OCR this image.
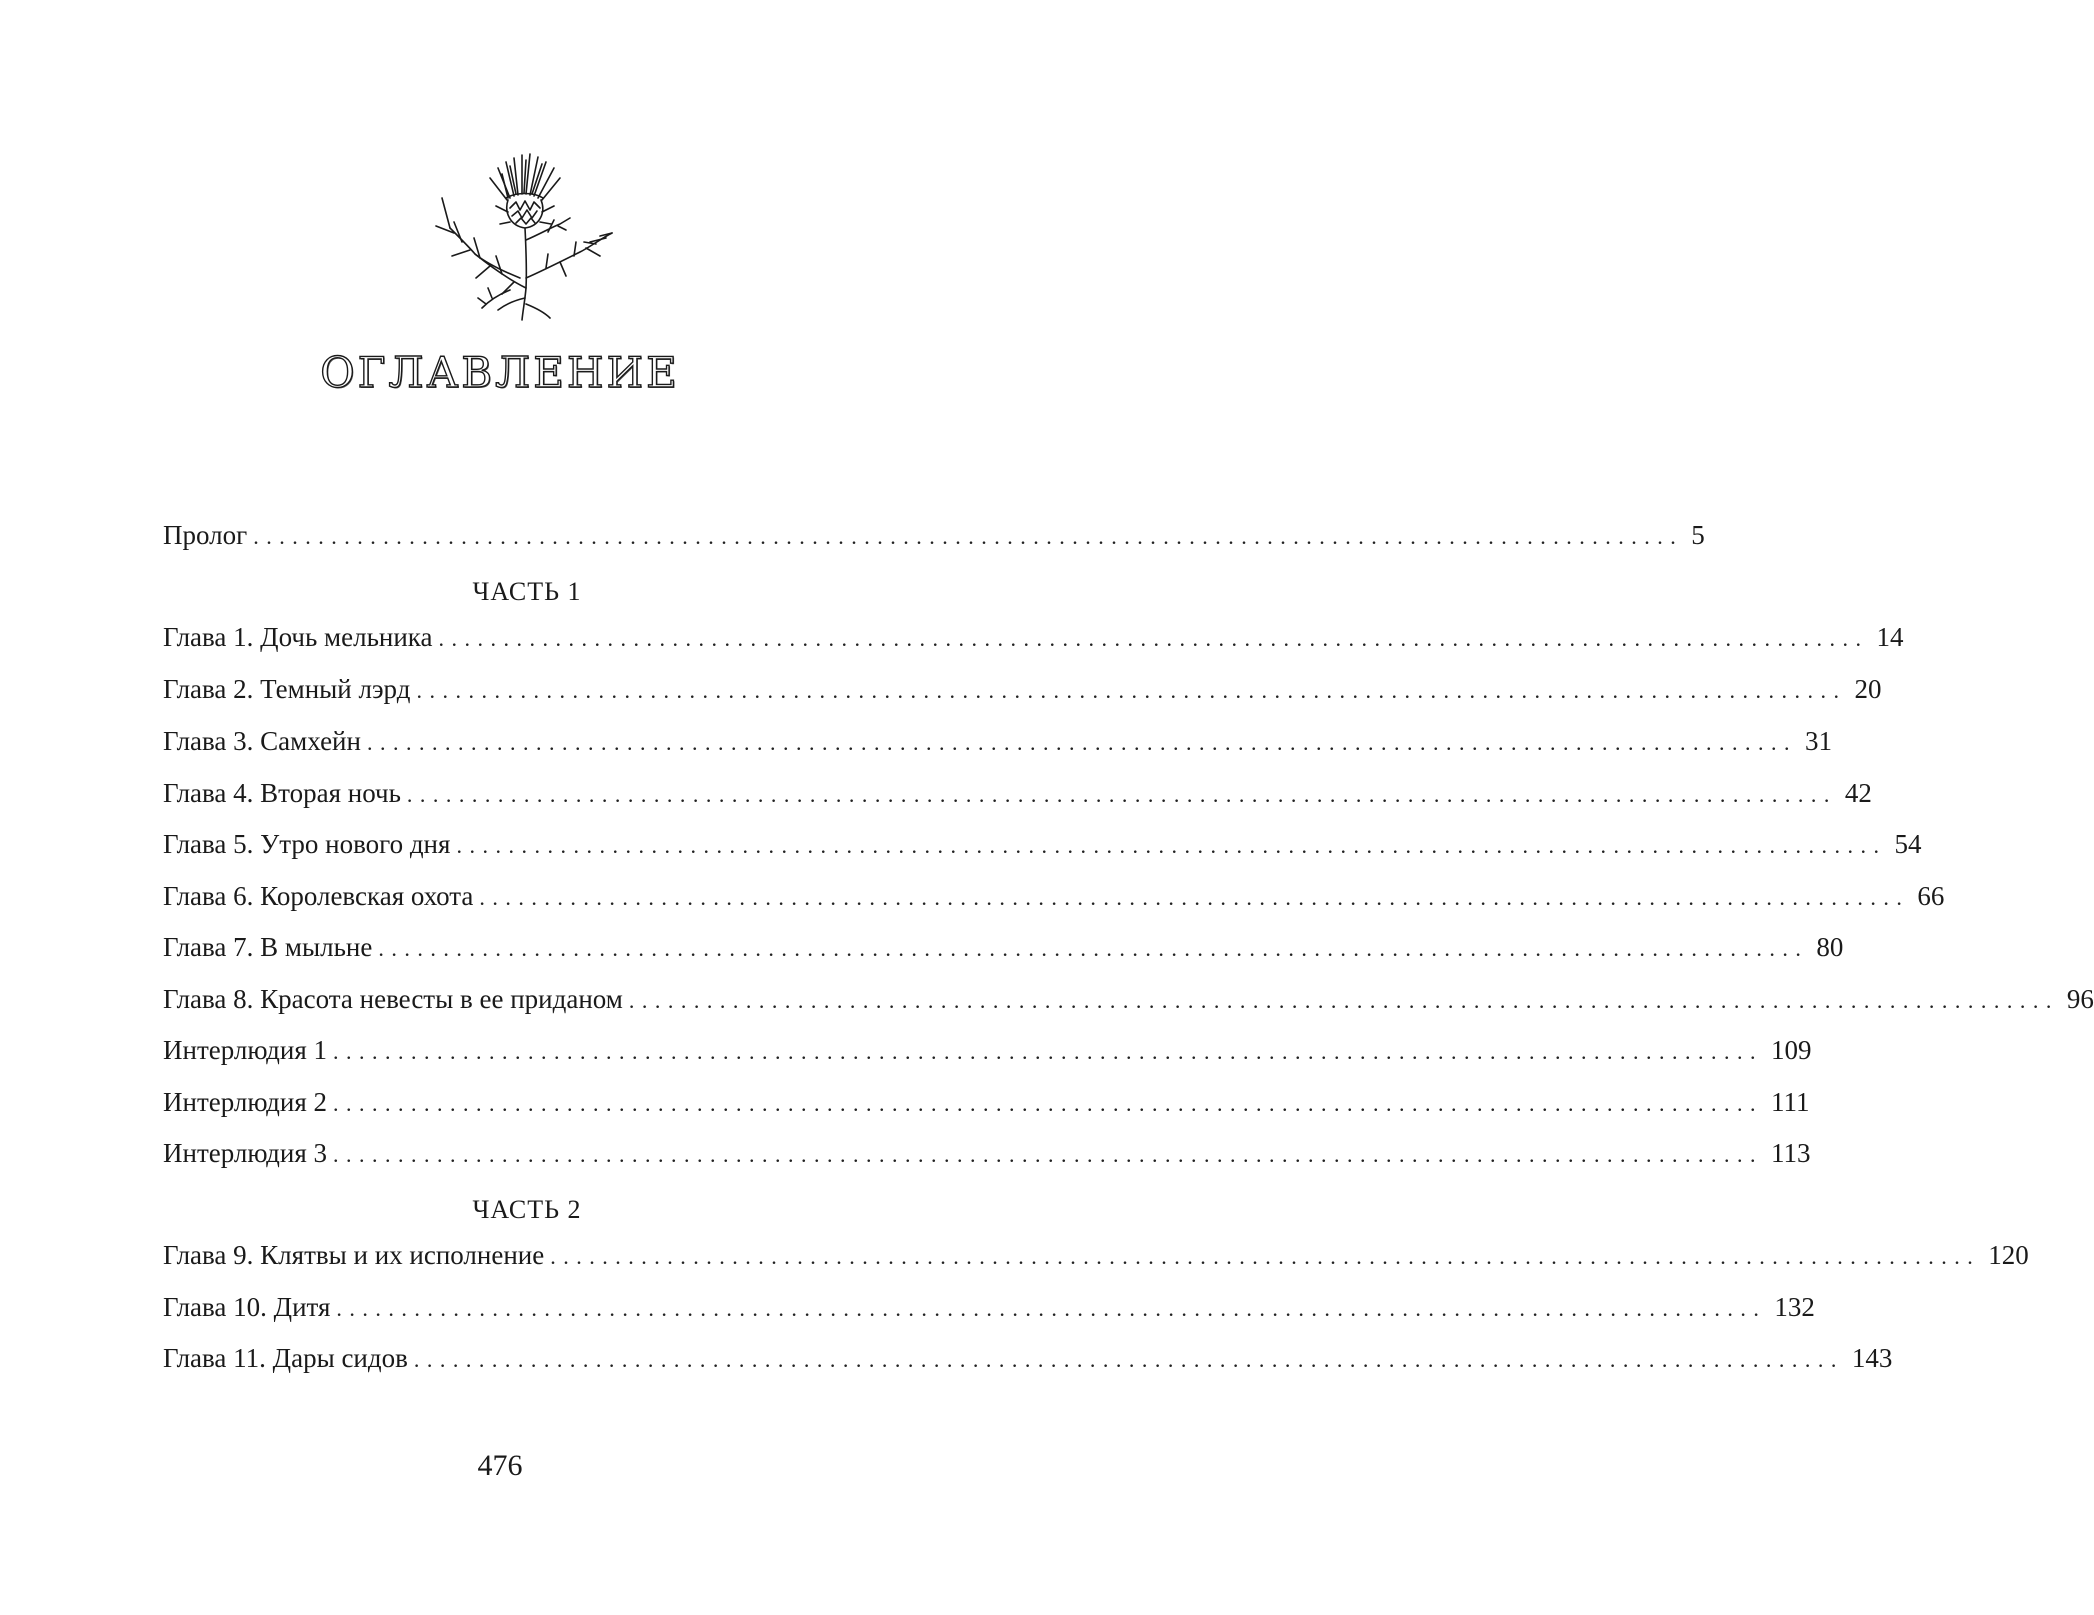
ОГЛАВЛЕНИЕ
Пролог .............................................................................................................. 5
ЧАСТЬ 1
Глава 1. Дочь мельника .............................................................................................................. 14
Глава 2. Темный лэрд .............................................................................................................. 20
Глава 3. Самхейн .............................................................................................................. 31
Глава 4. Вторая ночь .............................................................................................................. 42
Глава 5. Утро нового дня .............................................................................................................. 54
Глава 6. Королевская охота .............................................................................................................. 66
Глава 7. В мыльне .............................................................................................................. 80
Глава 8. Красота невесты в ее приданом .............................................................................................................. 96
Интерлюдия 1 .............................................................................................................. 109
Интерлюдия 2 .............................................................................................................. 111
Интерлюдия 3 .............................................................................................................. 113
ЧАСТЬ 2
Глава 9. Клятвы и их исполнение .............................................................................................................. 120
Глава 10. Дитя .............................................................................................................. 132
Глава 11. Дары сидов .............................................................................................................. 143
476
